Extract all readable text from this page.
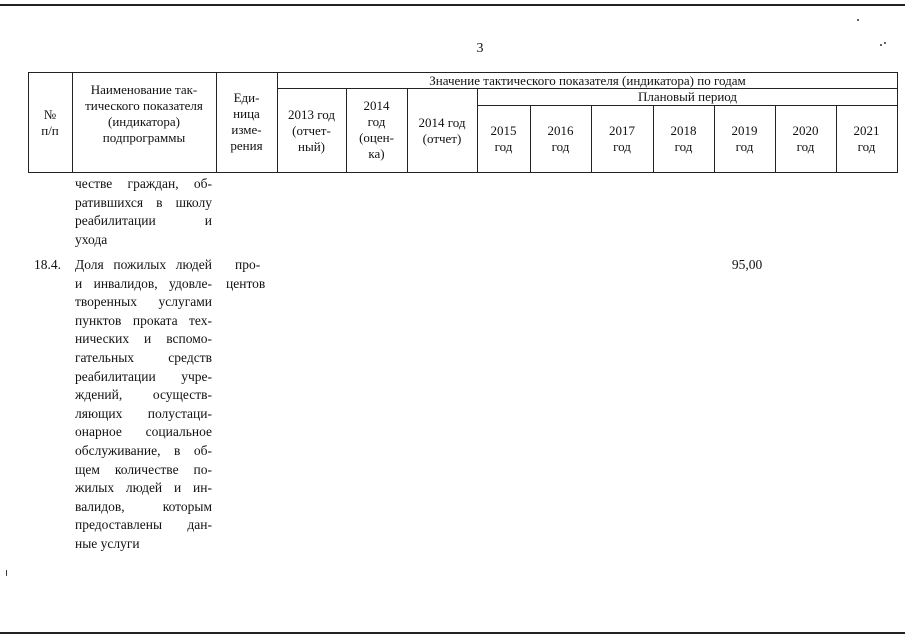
3
№
п/п
Наименование так-
тического показателя
(индикатора)
подпрограммы
Еди-
ница
изме-
рения
Значение тактического показателя (индикатора) по годам
Плановый период
2013 год
(отчет-
ный)
2014
год
(оцен-
ка)
2014 год
(отчет)
2015
год
2016
год
2017
год
2018
год
2019
год
2020
год
2021
год
честве граждан, об-
ратившихся в школу
реабилитации и
ухода
18.4. Доля пожилых людей
и инвалидов, удовле-
творенных услугами
пунктов проката тех-
нических и вспомо-
гательных средств
реабилитации учре-
ждений, осуществ-
ляющих полустаци-
онарное социальное
обслуживание, в об-
щем количестве по-
жилых людей и ин-
валидов, которым
предоставлены дан-
ные услуги
про-
центов
95,00
